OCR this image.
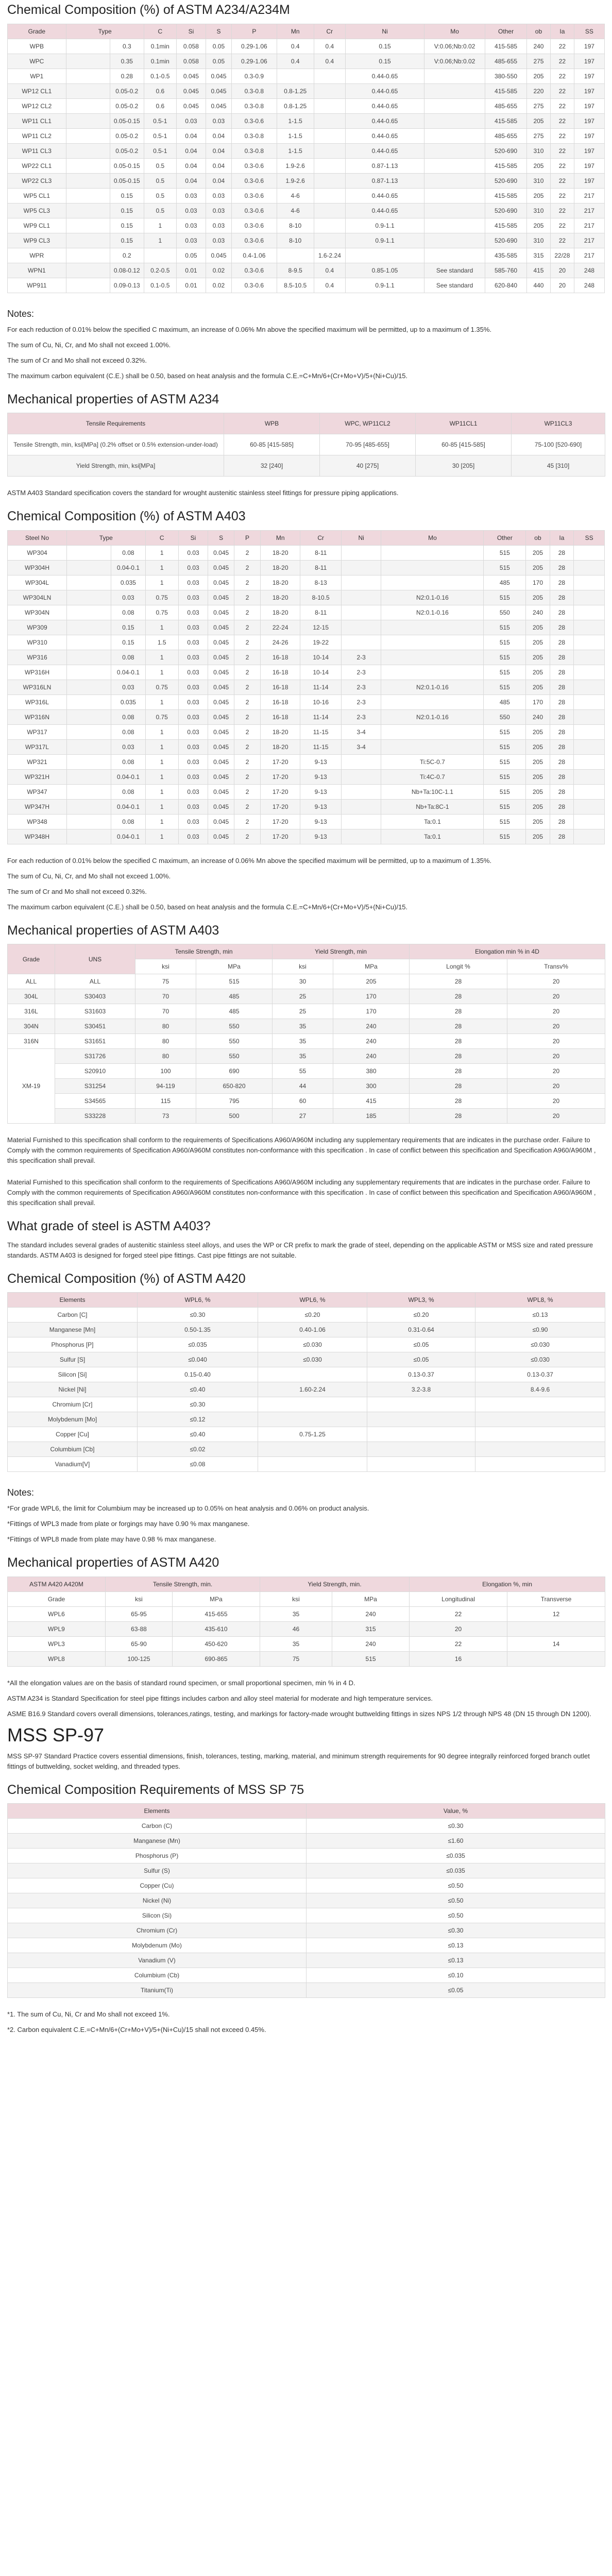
Chemical Composition (%) of ASTM A234/A234M
Grade	Type		C	Si	S	P	Mn	Cr	Ni	Mo	Other	ob	Ia	SS
WPB		0.3	0.1min	0.058	0.05	0.29-1.06	0.4	0.4	0.15	V:0.06;Nb:0.02	415-585	240	22	197
WPC		0.35	0.1min	0.058	0.05	0.29-1.06	0.4	0.4	0.15	V:0.06;Nb:0.02	485-655	275	22	197
WP1		0.28	0.1-0.5	0.045	0.045	0.3-0.9			0.44-0.65		380-550	205	22	197
WP12 CL1		0.05-0.2	0.6	0.045	0.045	0.3-0.8	0.8-1.25		0.44-0.65		415-585	220	22	197
WP12 CL2		0.05-0.2	0.6	0.045	0.045	0.3-0.8	0.8-1.25		0.44-0.65		485-655	275	22	197
WP11 CL1		0.05-0.15	0.5-1	0.03	0.03	0.3-0.6	1-1.5		0.44-0.65		415-585	205	22	197
WP11 CL2		0.05-0.2	0.5-1	0.04	0.04	0.3-0.8	1-1.5		0.44-0.65		485-655	275	22	197
WP11 CL3		0.05-0.2	0.5-1	0.04	0.04	0.3-0.8	1-1.5		0.44-0.65		520-690	310	22	197
WP22 CL1		0.05-0.15	0.5	0.04	0.04	0.3-0.6	1.9-2.6		0.87-1.13		415-585	205	22	197
WP22 CL3		0.05-0.15	0.5	0.04	0.04	0.3-0.6	1.9-2.6		0.87-1.13		520-690	310	22	197
WP5 CL1		0.15	0.5	0.03	0.03	0.3-0.6	4-6		0.44-0.65		415-585	205	22	217
WP5 CL3		0.15	0.5	0.03	0.03	0.3-0.6	4-6		0.44-0.65		520-690	310	22	217
WP9 CL1		0.15	1	0.03	0.03	0.3-0.6	8-10		0.9-1.1		415-585	205	22	217
WP9 CL3		0.15	1	0.03	0.03	0.3-0.6	8-10		0.9-1.1		520-690	310	22	217
WPR		0.2		0.05	0.045	0.4-1.06		1.6-2.24			435-585	315	22/28	217
WPN1		0.08-0.12	0.2-0.5	0.01	0.02	0.3-0.6	8-9.5	0.4	0.85-1.05	See standard	585-760	415	20	248
WP911		0.09-0.13	0.1-0.5	0.01	0.02	0.3-0.6	8.5-10.5	0.4	0.9-1.1	See standard	620-840	440	20	248

Notes:

For each reduction of 0.01% below the specified C maximum, an increase of 0.06% Mn above the specified maximum will be permitted, up to a maximum of 1.35%.

The sum of Cu, Ni, Cr, and Mo shall not exceed 1.00%.

The sum of Cr and Mo shall not exceed 0.32%.

The maximum carbon equivalent (C.E.) shall be 0.50, based on heat analysis and the formula C.E.=C+Mn/6+(Cr+Mo+V)/5+(Ni+Cu)/15.

Mechanical properties of ASTM A234
Tensile Requirements	WPB	WPC, WP11CL2	WP11CL1	WP11CL3
Tensile Strength, min, ksi[MPa] (0.2% offset or 0.5% extension-under-load)	60-85 [415-585]	70-95 [485-655]	60-85 [415-585]	75-100 [520-690]
Yield Strength, min, ksi[MPa]	32 [240]	40 [275]	30 [205]	45 [310]

ASTM A403 Standard specification covers the standard for wrought austenitic stainless steel fittings for pressure piping applications.

Chemical Composition (%) of ASTM A403
Steel No	Type		C	Si	S	P	Mn	Cr	Ni	Mo	Other	ob	Ia	SS
WP304		0.08	1	0.03	0.045	2	18-20	8-11			515	205	28	
WP304H		0.04-0.1	1	0.03	0.045	2	18-20	8-11			515	205	28	
WP304L		0.035	1	0.03	0.045	2	18-20	8-13			485	170	28	
WP304LN		0.03	0.75	0.03	0.045	2	18-20	8-10.5		N2:0.1-0.16	515	205	28	
WP304N		0.08	0.75	0.03	0.045	2	18-20	8-11		N2:0.1-0.16	550	240	28	
WP309		0.15	1	0.03	0.045	2	22-24	12-15			515	205	28	
WP310		0.15	1.5	0.03	0.045	2	24-26	19-22			515	205	28	
WP316		0.08	1	0.03	0.045	2	16-18	10-14	2-3		515	205	28	
WP316H		0.04-0.1	1	0.03	0.045	2	16-18	10-14	2-3		515	205	28	
WP316LN		0.03	0.75	0.03	0.045	2	16-18	11-14	2-3	N2:0.1-0.16	515	205	28	
WP316L		0.035	1	0.03	0.045	2	16-18	10-16	2-3		485	170	28	
WP316N		0.08	0.75	0.03	0.045	2	16-18	11-14	2-3	N2:0.1-0.16	550	240	28	
WP317		0.08	1	0.03	0.045	2	18-20	11-15	3-4		515	205	28	
WP317L		0.03	1	0.03	0.045	2	18-20	11-15	3-4		515	205	28	
WP321		0.08	1	0.03	0.045	2	17-20	9-13		Ti:5C-0.7	515	205	28	
WP321H		0.04-0.1	1	0.03	0.045	2	17-20	9-13		Ti:4C-0.7	515	205	28	
WP347		0.08	1	0.03	0.045	2	17-20	9-13		Nb+Ta:10C-1.1	515	205	28	
WP347H		0.04-0.1	1	0.03	0.045	2	17-20	9-13		Nb+Ta:8C-1	515	205	28	
WP348		0.08	1	0.03	0.045	2	17-20	9-13		Ta:0.1	515	205	28	
WP348H		0.04-0.1	1	0.03	0.045	2	17-20	9-13		Ta:0.1	515	205	28	

For each reduction of 0.01% below the specified C maximum, an increase of 0.06% Mn above the specified maximum will be permitted, up to a maximum of 1.35%.

The sum of Cu, Ni, Cr, and Mo shall not exceed 1.00%.

The sum of Cr and Mo shall not exceed 0.32%.

The maximum carbon equivalent (C.E.) shall be 0.50, based on heat analysis and the formula C.E.=C+Mn/6+(Cr+Mo+V)/5+(Ni+Cu)/15.

Mechanical properties of ASTM A403
Grade	UNS	Tensile Strength, min		Yield Strength, min		Elongation min % in 4D	
		ksi	MPa	ksi	MPa	Longit %	Transv%
ALL	ALL	75	515	30	205	28	20
304L	S30403	70	485	25	170	28	20
316L	S31603	70	485	25	170	28	20
304N	S30451	80	550	35	240	28	20
316N	S31651	80	550	35	240	28	20
XM-19	S31726	80	550	35	240	28	20
	S20910	100	690	55	380	28	20
	S31254	94-119	650-820	44	300	28	20
	S34565	115	795	60	415	28	20
	S33228	73	500	27	185	28	20

Material Furnished to this specification shall conform to the requirements of Specifications A960/A960M including any supplementary requirements that are indicates in the purchase order. Failure to Comply with the common requirements of Specification A960/A960M constitutes non-conformance with this specification . In case of conflict between this specification and Specification A960/A960M , this specification shall prevail.

Material Furnished to this specification shall conform to the requirements of Specifications A960/A960M including any supplementary requirements that are indicates in the purchase order. Failure to Comply with the common requirements of Specification A960/A960M constitutes non-conformance with this specification . In case of conflict between this specification and Specification A960/A960M , this specification shall prevail.

What grade of steel is ASTM A403?

The standard includes several grades of austenitic stainless steel alloys, and uses the WP or CR prefix to mark the grade of steel, depending on the applicable ASTM or MSS size and rated pressure standards. ASTM A403 is designed for forged steel pipe fittings. Cast pipe fittings are not suitable.

Chemical Composition (%) of ASTM A420
Elements	WPL6, %	WPL6, %	WPL3, %	WPL8, %
Carbon [C]	≤0.30	≤0.20	≤0.20	≤0.13
Manganese [Mn]	0.50-1.35	0.40-1.06	0.31-0.64	≤0.90
Phosphorus [P]	≤0.035	≤0.030	≤0.05	≤0.030
Sulfur [S]	≤0.040	≤0.030	≤0.05	≤0.030
Silicon [Si]	0.15-0.40		0.13-0.37	0.13-0.37
Nickel [Ni]	≤0.40	1.60-2.24	3.2-3.8	8.4-9.6
Chromium [Cr]	≤0.30			
Molybdenum [Mo]	≤0.12			
Copper [Cu]	≤0.40	0.75-1.25		
Columbium [Cb]	≤0.02			
Vanadium[V]	≤0.08			

Notes:

*For grade WPL6, the limit for Columbium may be increased up to 0.05% on heat analysis and 0.06% on product analysis.

*Fittings of WPL3 made from plate or forgings may have 0.90 % max manganese.

*Fittings of WPL8 made from plate may have 0.98 % max manganese.

Mechanical properties of ASTM A420
ASTM A420 A420M	Tensile Strength, min.		Yield Strength, min.		Elongation %, min	
Grade	ksi	MPa	ksi	MPa	Longitudinal	Transverse
WPL6	65-95	415-655	35	240	22	12
WPL9	63-88	435-610	46	315	20	
WPL3	65-90	450-620	35	240	22	14
WPL8	100-125	690-865	75	515	16	

*All the elongation values are on the basis of standard round specimen, or small proportional specimen, min % in 4 D.

ASTM A234 is Standard Specification for steel pipe fittings includes carbon and alloy steel material for moderate and high temperature services.

ASME B16.9 Standard covers overall dimensions, tolerances,ratings, testing, and markings for factory-made wrought buttwelding fittings in sizes NPS 1/2 through NPS 48 (DN 15 through DN 1200).

MSS SP-97

MSS SP-97 Standard Practice covers essential dimensions, finish, tolerances, testing, marking, material, and minimum strength requirements for 90 degree integrally reinforced forged branch outlet fittings of buttwelding, socket welding, and threaded types.

Chemical Composition Requirements of MSS SP 75
Elements	Value, %
Carbon (C)	≤0.30
Manganese (Mn)	≤1.60
Phosphorus (P)	≤0.035
Sulfur (S)	≤0.035
Copper (Cu)	≤0.50
Nickel (Ni)	≤0.50
Silicon (Si)	≤0.50
Chromium (Cr)	≤0.30
Molybdenum (Mo)	≤0.13
Vanadium (V)	≤0.13
Columbium (Cb)	≤0.10
Titanium(Ti)	≤0.05

*1. The sum of Cu, Ni, Cr and Mo shall not exceed 1%.

*2. Carbon equivalent C.E.=C+Mn/6+(Cr+Mo+V)/5+(Ni+Cu)/15 shall not exceed 0.45%.
